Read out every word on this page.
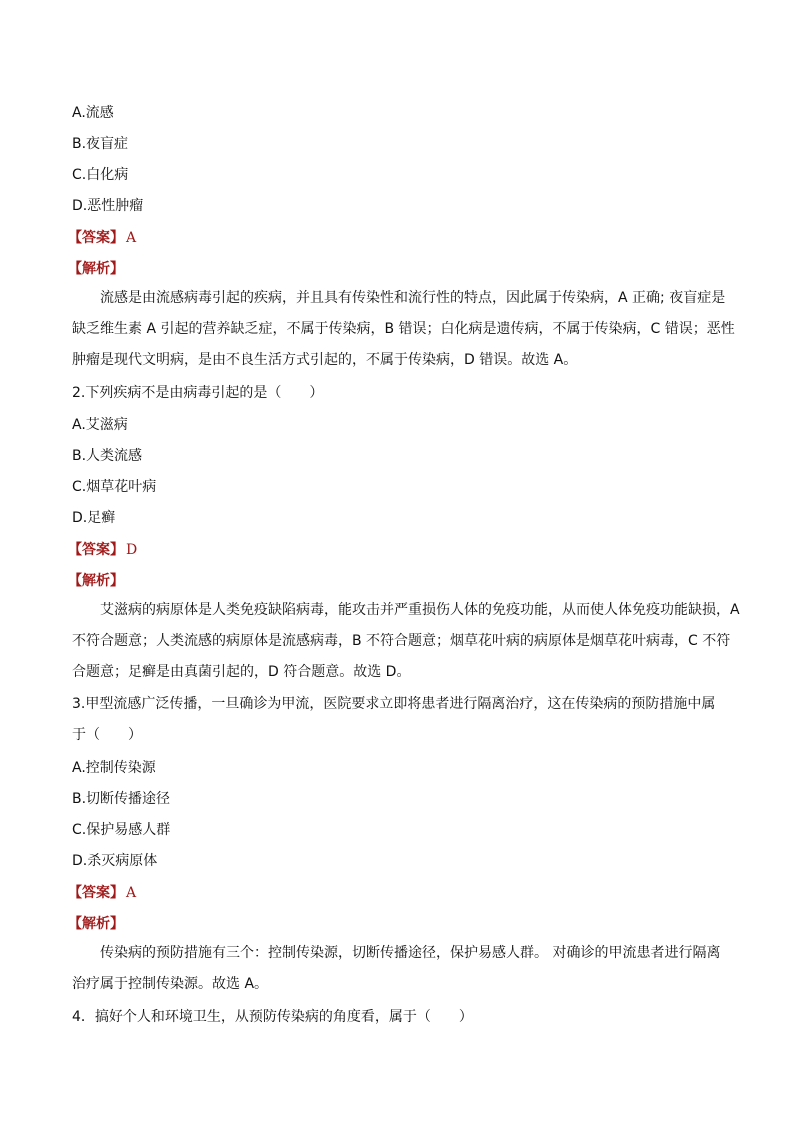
A.流感
B.夜盲症
C.白化病
D.恶性肿瘤
【答案】 A
【解析】
流感是由流感病毒引起的疾病，并且具有传染性和流行性的特点，因此属于传染病，A 正确; 夜盲症是
缺乏维生素 A 引起的营养缺乏症，不属于传染病，B 错误；白化病是遗传病，不属于传染病，C 错误；恶性
肿瘤是现代文明病，是由不良生活方式引起的，不属于传染病，D 错误。故选 A。
2.下列疾病不是由病毒引起的是（　　）
A.艾滋病
B.人类流感
C.烟草花叶病
D.足癣
【答案】 D
【解析】
艾滋病的病原体是人类免疫缺陷病毒，能攻击并严重损伤人体的免疫功能，从而使人体免疫功能缺损，A
不符合题意；人类流感的病原体是流感病毒，B 不符合题意；烟草花叶病的病原体是烟草花叶病毒，C 不符
合题意；足癣是由真菌引起的，D 符合题意。故选 D。
3.甲型流感广泛传播，一旦确诊为甲流，医院要求立即将患者进行隔离治疗，这在传染病的预防措施中属
于（　　）
A.控制传染源
B.切断传播途径
C.保护易感人群
D.杀灭病原体
【答案】 A
【解析】
传染病的预防措施有三个：控制传染源，切断传播途径，保护易感人群。 对确诊的甲流患者进行隔离
治疗属于控制传染源。故选 A。
4．搞好个人和环境卫生，从预防传染病的角度看，属于（　　）
